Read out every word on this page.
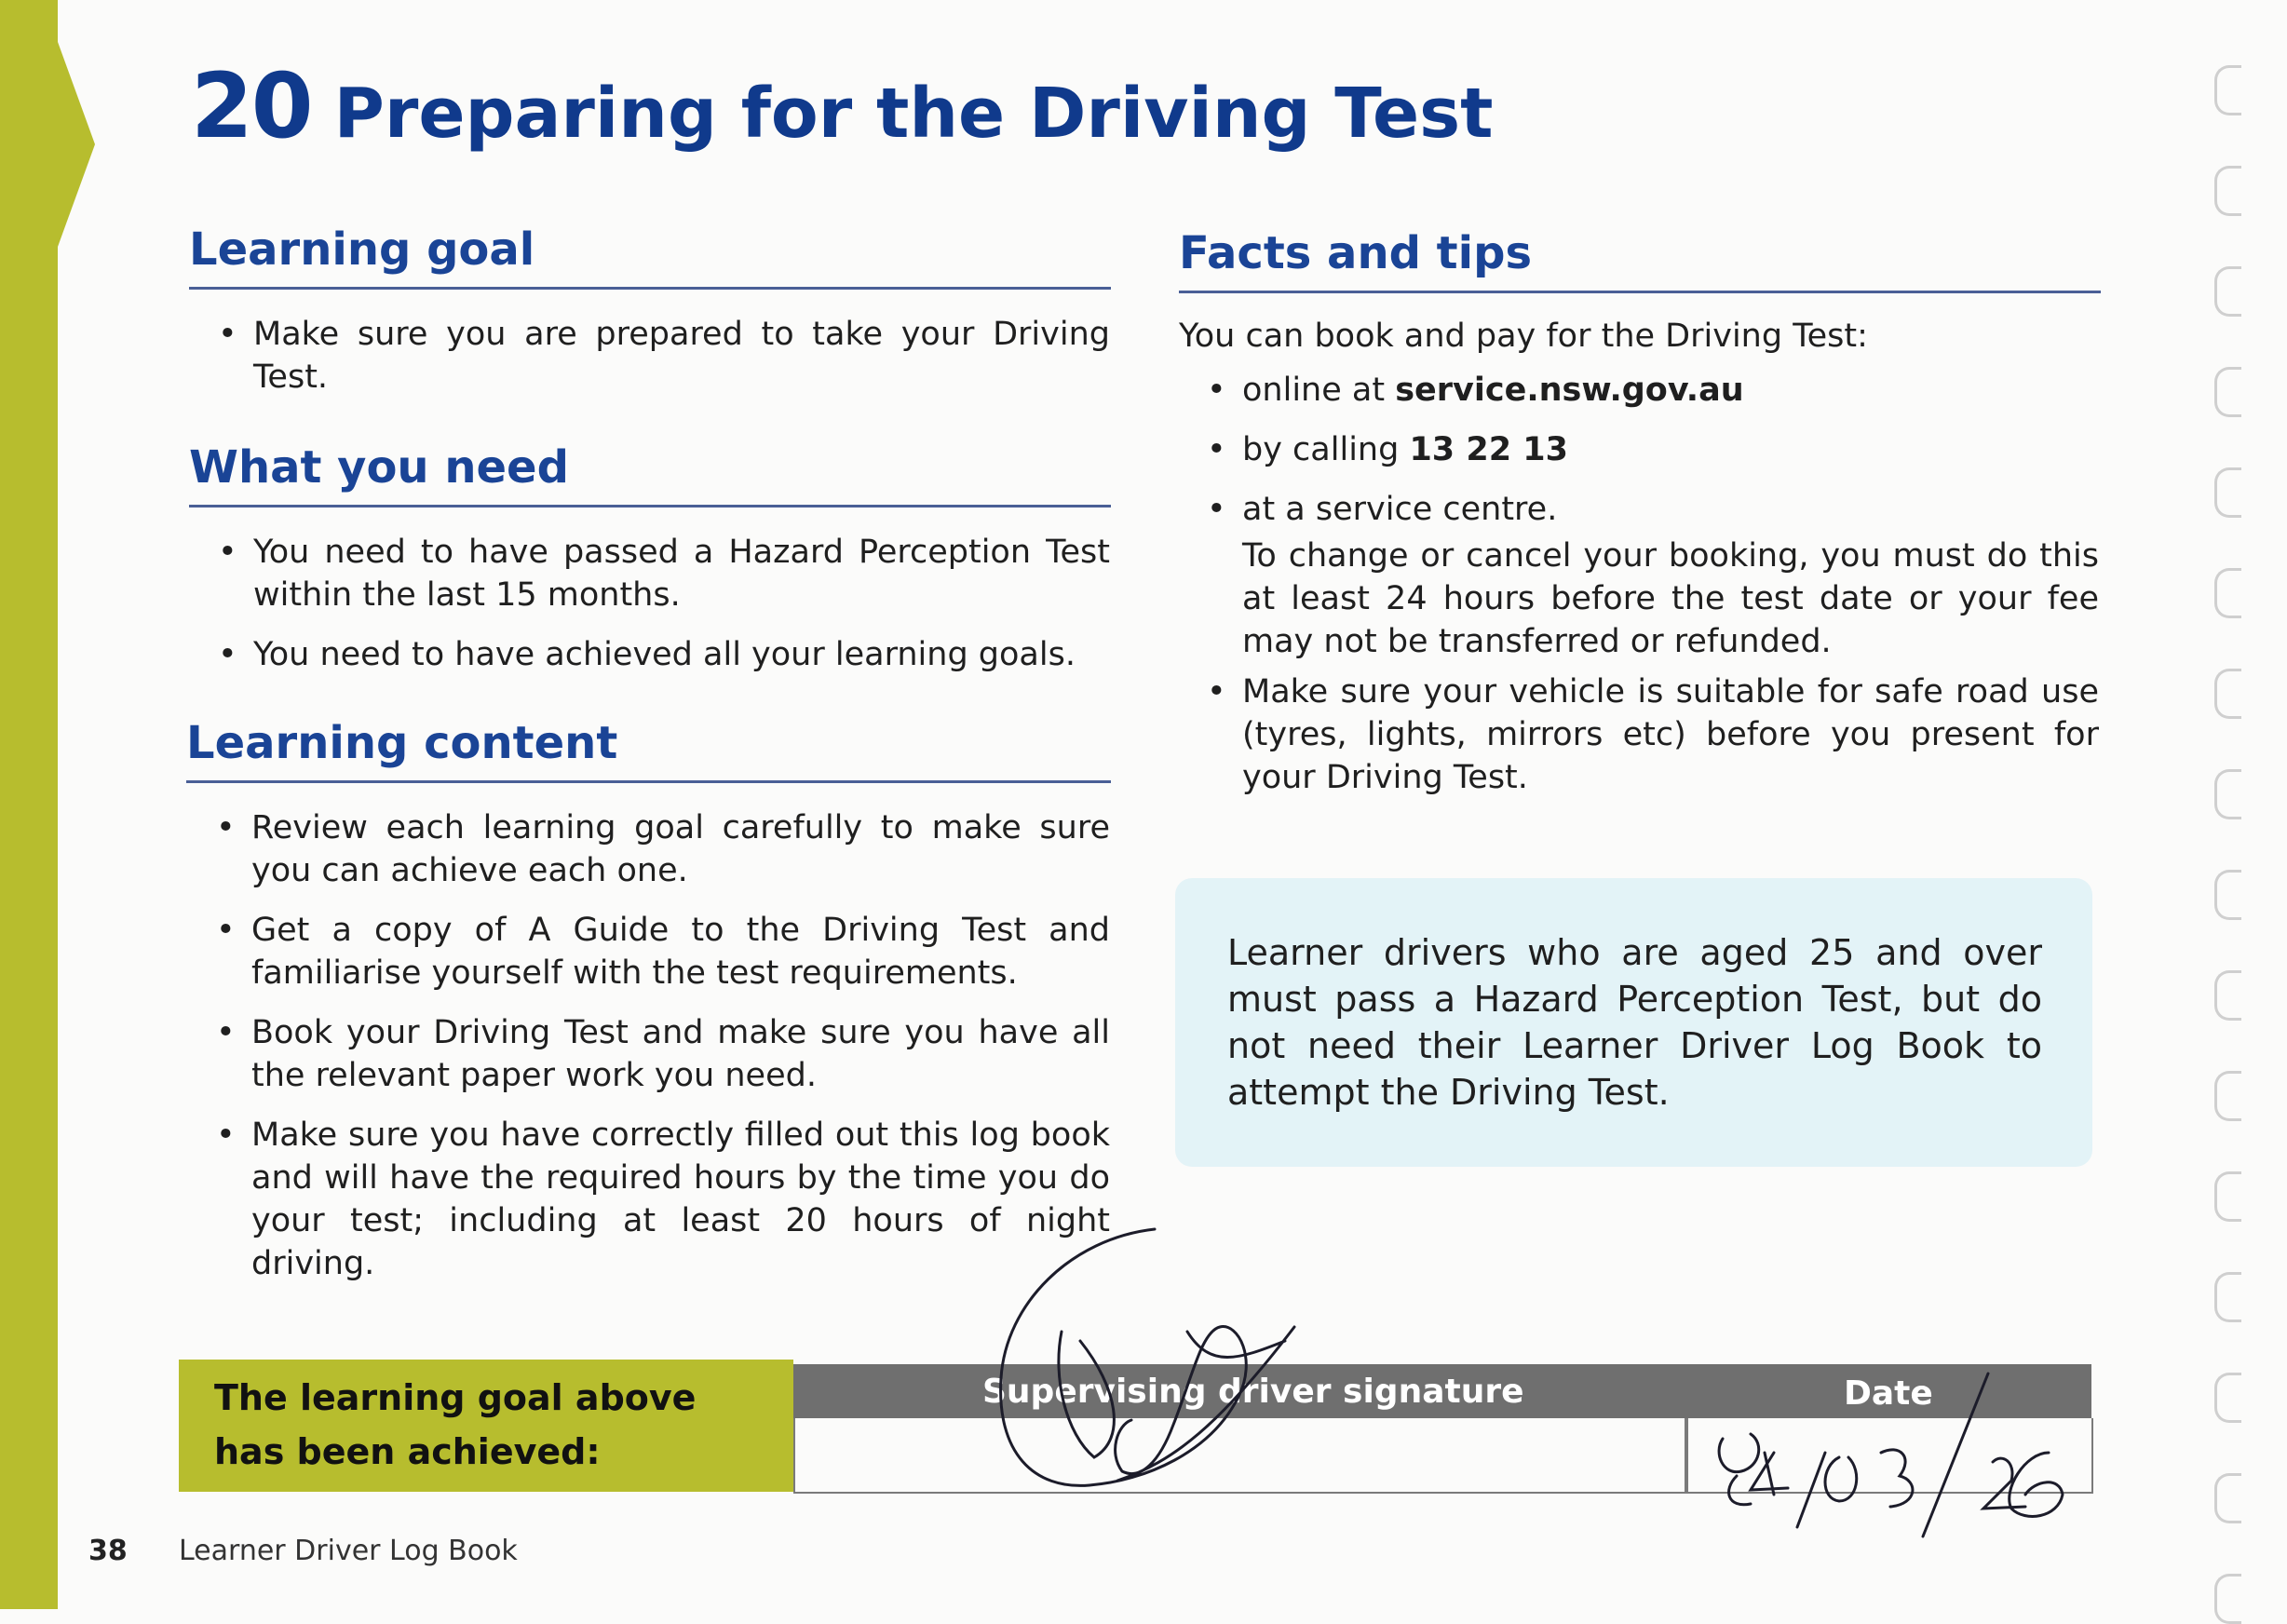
20 Preparing for the Driving Test
Learning goal
• Make sure you are prepared to take your Driving Test.
What you need
• You need to have passed a Hazard Perception Test within the last 15 months.
• You need to have achieved all your learning goals.
Learning content
• Review each learning goal carefully to make sure you can achieve each one.
• Get a copy of A Guide to the Driving Test and familiarise yourself with the test requirements.
• Book your Driving Test and make sure you have all the relevant paper work you need.
• Make sure you have correctly filled out this log book and will have the required hours by the time you do your test; including at least 20 hours of night driving.
Facts and tips
You can book and pay for the Driving Test:
• online at service.nsw.gov.au
• by calling 13 22 13
• at a service centre.
To change or cancel your booking, you must do this at least 24 hours before the test date or your fee may not be transferred or refunded.
• Make sure your vehicle is suitable for safe road use (tyres, lights, mirrors etc) before you present for your Driving Test.
Learner drivers who are aged 25 and over must pass a Hazard Perception Test, but do not need their Learner Driver Log Book to attempt the Driving Test.
The learning goal above has been achieved:
Supervising driver signature	Date
38 Learner Driver Log Book
